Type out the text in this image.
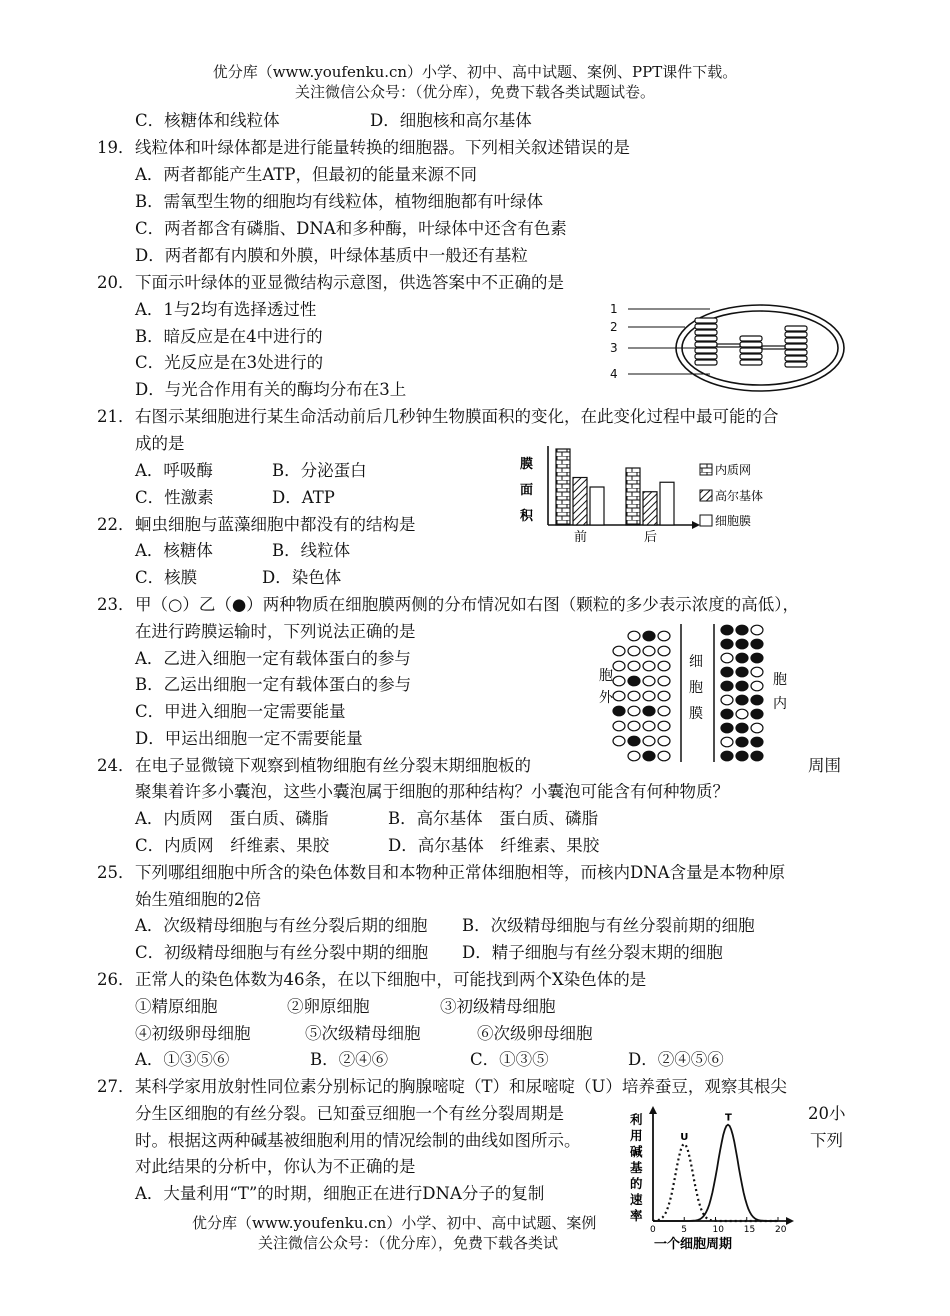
优分库（www.youfenku.cn）小学、初中、高中试题、案例、PPT课件下载。
关注微信公众号：（优分库），免费下载各类试题试卷。
C．核糖体和线粒体	D．细胞核和高尔基体
19． 线粒体和叶绿体都是进行能量转换的细胞器。下列相关叙述错误的是
A．两者都能产生ATP，但最初的能量来源不同
B．需氧型生物的细胞均有线粒体，植物细胞都有叶绿体
C．两者都含有磷脂、DNA和多种酶，叶绿体中还含有色素
D．两者都有内膜和外膜，叶绿体基质中一般还有基粒
20． 下面示叶绿体的亚显微结构示意图，供选答案中不正确的是
A．1与2均有选择透过性
B．暗反应是在4中进行的
C．光反应是在3处进行的
D．与光合作用有关的酶均分布在3上
1
2
3
4
21． 右图示某细胞进行某生命活动前后几秒钟生物膜面积的变化，在此变化过程中最可能的合
成的是
A．呼吸酶	B．分泌蛋白
C．性激素	D．ATP
膜
面
积
前	后
内质网
高尔基体
细胞膜
22． 蛔虫细胞与蓝藻细胞中都没有的结构是
A．核糖体	B．线粒体
C．核膜	D．染色体
23． 甲（○）乙（●）两种物质在细胞膜两侧的分布情况如右图（颗粒的多少表示浓度的高低），
在进行跨膜运输时，下列说法正确的是
A．乙进入细胞一定有载体蛋白的参与
B．乙运出细胞一定有载体蛋白的参与
C．甲进入细胞一定需要能量
D．甲运出细胞一定不需要能量
胞
外
细
胞
膜
胞
内
24． 在电子显微镜下观察到植物细胞有丝分裂末期细胞板的	周围
聚集着许多小囊泡，这些小囊泡属于细胞的那种结构？小囊泡可能含有何种物质？
A．内质网　蛋白质、磷脂	B．高尔基体　蛋白质、磷脂
C．内质网　纤维素、果胶	D．高尔基体　纤维素、果胶
25． 下列哪组细胞中所含的染色体数目和本物种正常体细胞相等，而核内DNA含量是本物种原
始生殖细胞的2倍
A．次级精母细胞与有丝分裂后期的细胞 B．次级精母细胞与有丝分裂前期的细胞
C．初级精母细胞与有丝分裂中期的细胞 D．精子细胞与有丝分裂末期的细胞
26． 正常人的染色体数为46条，在以下细胞中，可能找到两个X染色体的是
①精原细胞	②卵原细胞	③初级精母细胞
④初级卵母细胞	⑤次级精母细胞	⑥次级卵母细胞
A．①③⑤⑥	B．②④⑥	C．①③⑤	D．②④⑤⑥
27． 某科学家用放射性同位素分别标记的胸腺嘧啶（T）和尿嘧啶（U）培养蚕豆，观察其根尖
分生区细胞的有丝分裂。已知蚕豆细胞一个有丝分裂周期是	20小
时。根据这两种碱基被细胞利用的情况绘制的曲线如图所示。	下列
对此结果的分析中，你认为不正确的是
A．大量利用“T”的时期，细胞正在进行DNA分子的复制
优分库（www.youfenku.cn）小学、初中、高中试题、案例
关注微信公众号：（优分库），免费下载各类试
利
用
碱
基
的
速
率
0	5	10 15 20
U
T
一个细胞周期
